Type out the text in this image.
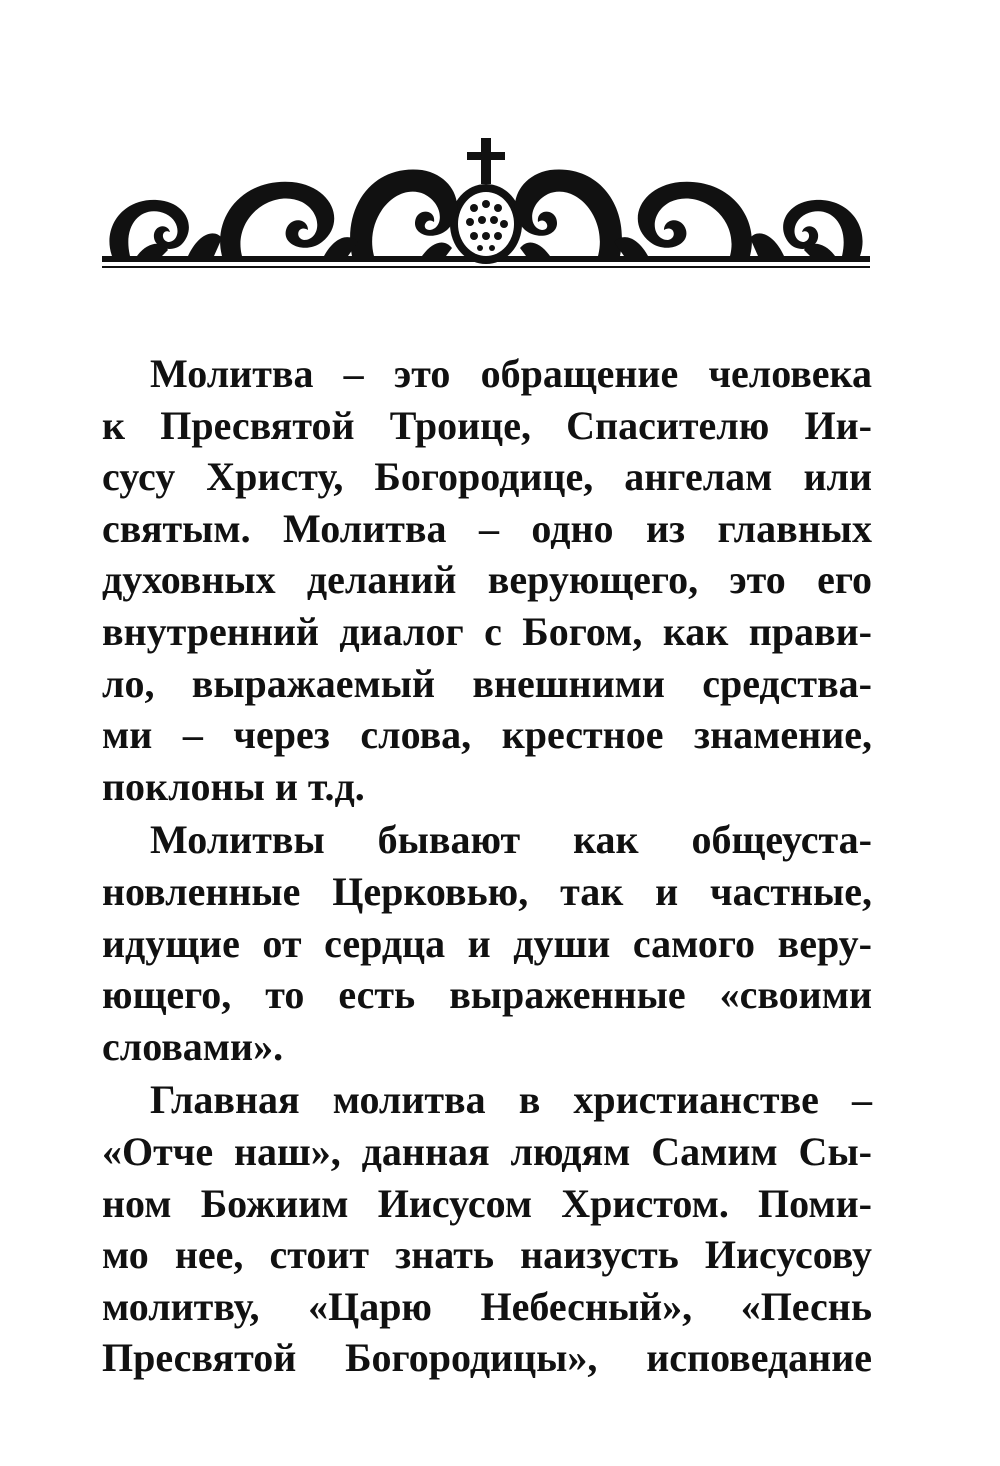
Молитва – это обращение человека
к Пресвятой Троице, Спасителю Ии-
сусу Христу, Богородице, ангелам или
святым. Молитва – одно из главных
духовных деланий верующего, это его
внутренний диалог с Богом, как прави-
ло, выражаемый внешними средства-
ми – через слова, крестное знамение,
поклоны и т.д.
Молитвы бывают как общеуста-
новленные Церковью, так и частные,
идущие от сердца и души самого веру-
ющего, то есть выраженные «своими
словами».
Главная молитва в христианстве –
«Отче наш», данная людям Самим Сы-
ном Божиим Иисусом Христом. Поми-
мо нее, стоит знать наизусть Иисусову
молитву, «Царю Небесный», «Песнь
Пресвятой Богородицы», исповедание
